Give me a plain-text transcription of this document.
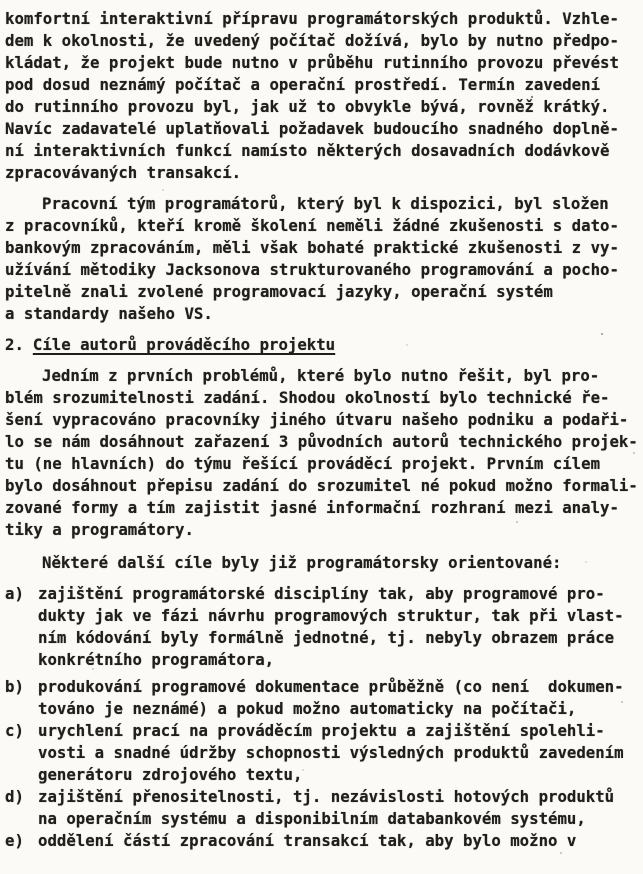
komfortní interaktivní přípravu programátorských produktů. Vzhle-
dem k okolnosti, že uvedený počítač dožívá, bylo by nutno předpo-
kládat, že projekt bude nutno v průběhu rutinního provozu převést
pod dosud neznámý počítač a operační prostředí. Termín zavedení
do rutinního provozu byl, jak už to obvykle bývá, rovněž krátký.
Navíc zadavatelé uplatňovali požadavek budoucího snadného doplně-
ní interaktivních funkcí namísto některých dosavadních dodávkově
zpracovávaných transakcí.

Pracovní tým programátorů, který byl k dispozici, byl složen
z pracovníků, kteří kromě školení neměli žádné zkušenosti s dato-
bankovým zpracováním, měli však bohaté praktické zkušenosti z vy-
užívání mětodiky Jacksonova strukturovaného programování a pocho-
pitelně znali zvolené programovací jazyky, operační systém
a standardy našeho VS.

2. Cíle autorů prováděcího projektu

Jedním z prvních problémů, které bylo nutno řešit, byl pro-
blém srozumitelnosti zadání. Shodou okolností bylo technické ře-
šení vypracováno pracovníky jiného útvaru našeho podniku a podaři-
lo se nám dosáhnout zařazení 3 původních autorů technického projek-
tu (ne hlavních) do týmu řešící prováděcí projekt. Prvním cílem
bylo dosáhnout přepisu zadání do srozumitel né pokud možno formali-
zované formy a tím zajistit jasné informační rozhraní mezi analy-
tiky a programátory.

Některé další cíle byly již programátorsky orientované:

a) zajištění programátorské disciplíny tak, aby programové pro-
dukty jak ve fázi návrhu programových struktur, tak při vlast-
ním kódování byly formálně jednotné, tj. nebyly obrazem práce
konkrétního programátora,
b) produkování programové dokumentace průběžně (co není  dokumen-
továno je neznámé) a pokud možno automaticky na počítači,
c) urychlení prací na prováděcím projektu a zajištění spolehli-
vosti a snadné údržby schopnosti výsledných produktů zavedením
generátoru zdrojového textu,
d) zajištění přenositelnosti, tj. nezávislosti hotových produktů
na operačním systému a disponibilním databankovém systému,
e) oddělení částí zpracování transakcí tak, aby bylo možno v
